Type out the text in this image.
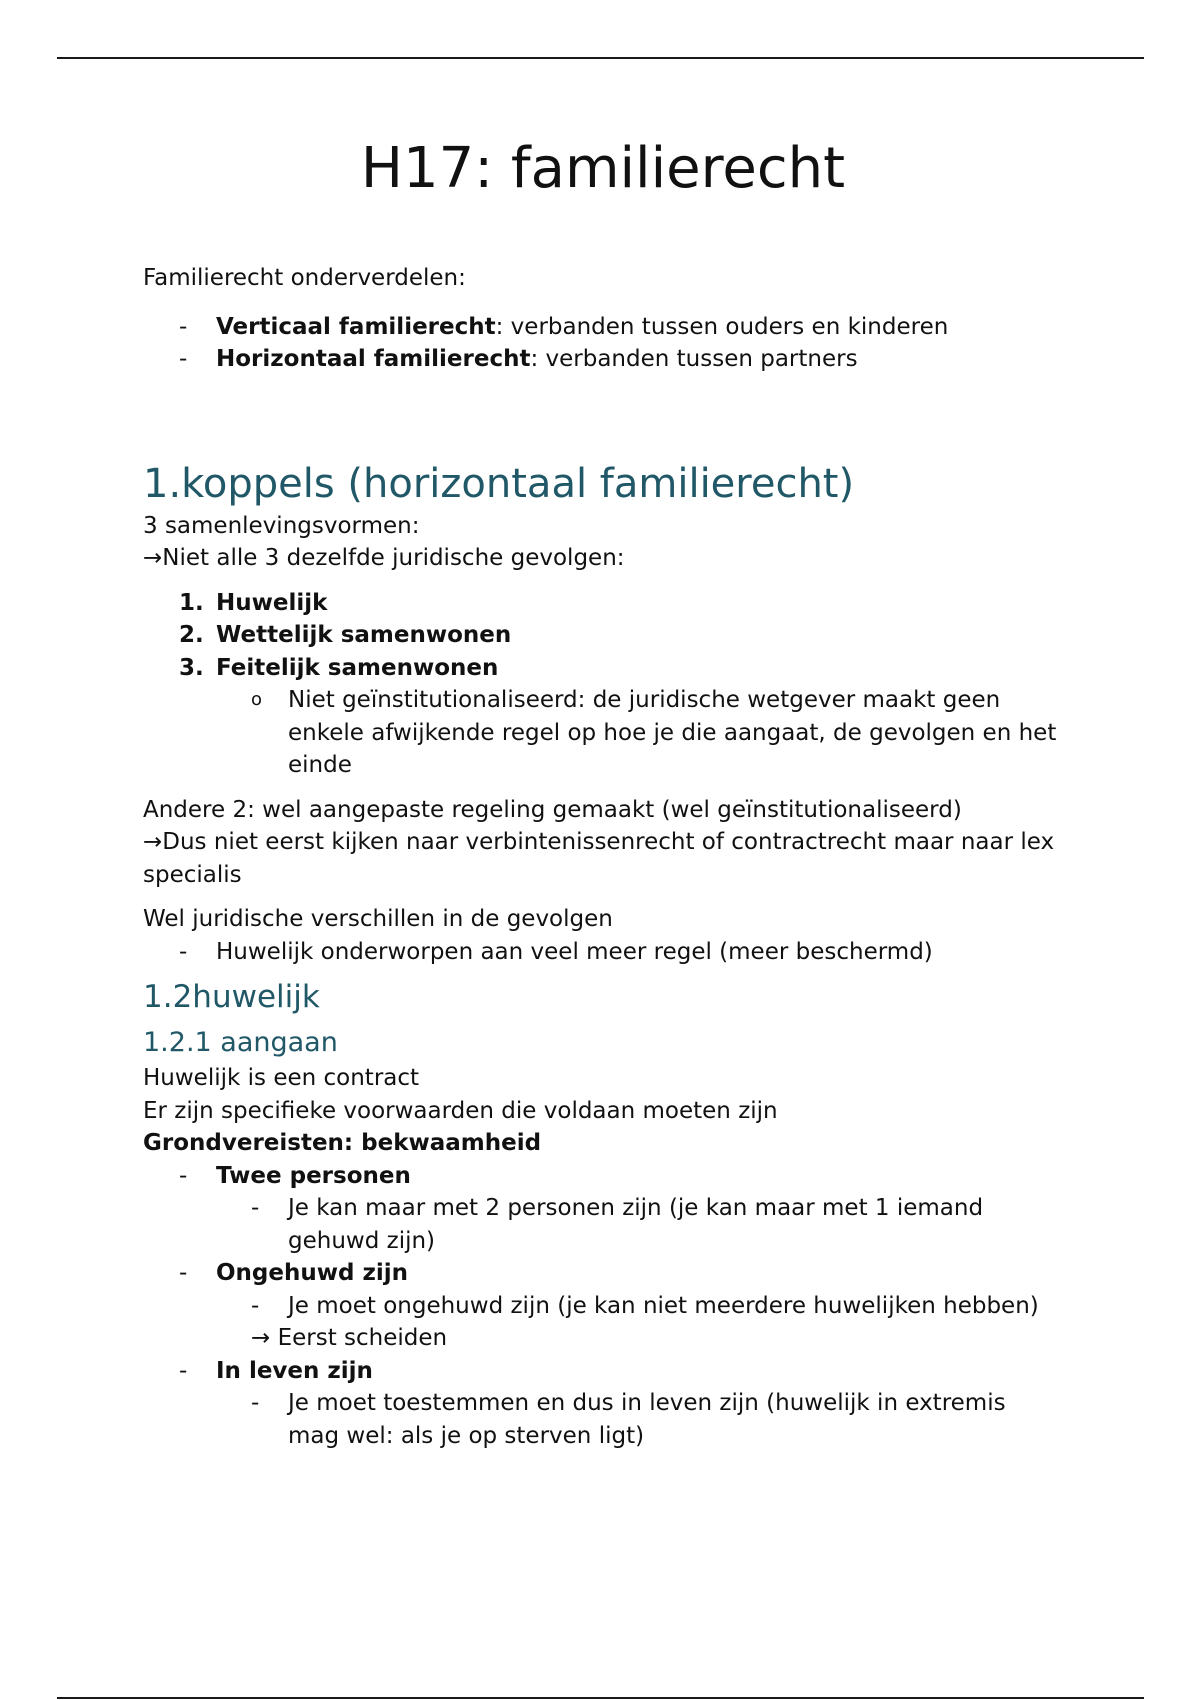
H17: familierecht

Familierecht onderverdelen:

-	Verticaal familierecht: verbanden tussen ouders en kinderen

-	Horizontaal familierecht: verbanden tussen partners

1.koppels (horizontaal familierecht)

3 samenlevingsvormen:

→Niet alle 3 dezelfde juridische gevolgen:

1. Huwelijk

2. Wettelijk samenwonen

3. Feitelijk samenwonen

o Niet geïnstitutionaliseerd: de juridische wetgever maakt geen enkele afwijkende regel op hoe je die aangaat, de gevolgen en het einde

Andere 2: wel aangepaste regeling gemaakt (wel geïnstitutionaliseerd)

→Dus niet eerst kijken naar verbintenissenrecht of contractrecht maar naar lex specialis

Wel juridische verschillen in de gevolgen

-	Huwelijk onderworpen aan veel meer regel (meer beschermd)

1.2huwelijk
1.2.1 aangaan

Huwelijk is een contract

Er zijn specifieke voorwaarden die voldaan moeten zijn

Grondvereisten: bekwaamheid

-	Twee personen

- Je kan maar met 2 personen zijn (je kan maar met 1 iemand gehuwd zijn)

-	Ongehuwd zijn

- Je moet ongehuwd zijn (je kan niet meerdere huwelijken hebben)

→ Eerst scheiden

-	In leven zijn

- Je moet toestemmen en dus in leven zijn (huwelijk in extremis mag wel: als je op sterven ligt)
